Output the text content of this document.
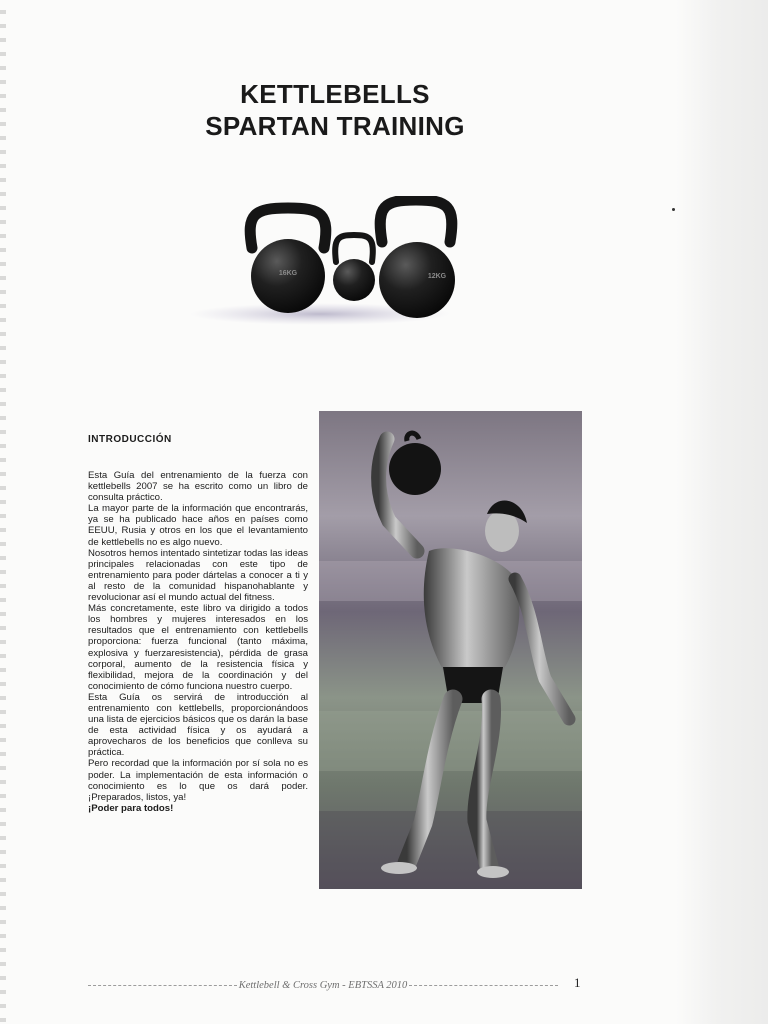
KETTLEBELLS
SPARTAN TRAINING
16KG	12KG
INTRODUCCIÓN

Esta Guía del entrenamiento de la fuerza con kettlebells 2007 se ha escrito como un libro de consulta práctico.

La mayor parte de la información que encontrarás, ya se ha publicado hace años en países como EEUU, Rusia y otros en los que el levantamiento de kettlebells no es algo nuevo.

Nosotros hemos intentado sintetizar todas las ideas principales relacionadas con este tipo de entrenamiento para poder dártelas a conocer a ti y al resto de la comunidad hispanohablante y revolucionar así el mundo actual del fitness.

Más concretamente, este libro va dirigido a todos los hombres y mujeres interesados en los resultados que el entrenamiento con kettlebells proporciona: fuerza funcional (tanto máxima, explosiva y fuerzaresistencia), pérdida de grasa corporal, aumento de la resistencia física y flexibilidad, mejora de la coordinación y del conocimiento de cómo funciona nuestro cuerpo.

Esta Guía os servirá de introducción al entrenamiento con kettlebells, proporcionándoos una lista de ejercicios básicos que os darán la base de esta actividad física y os ayudará a aprovecharos de los beneficios que conlleva su práctica.

Pero recordad que la información por sí sola no es poder. La implementación de esta información o conocimiento es lo que os dará poder. ¡Preparados, listos, ya!

¡Poder para todos!

Kettlebell & Cross Gym - EBTSSA 2010	1
